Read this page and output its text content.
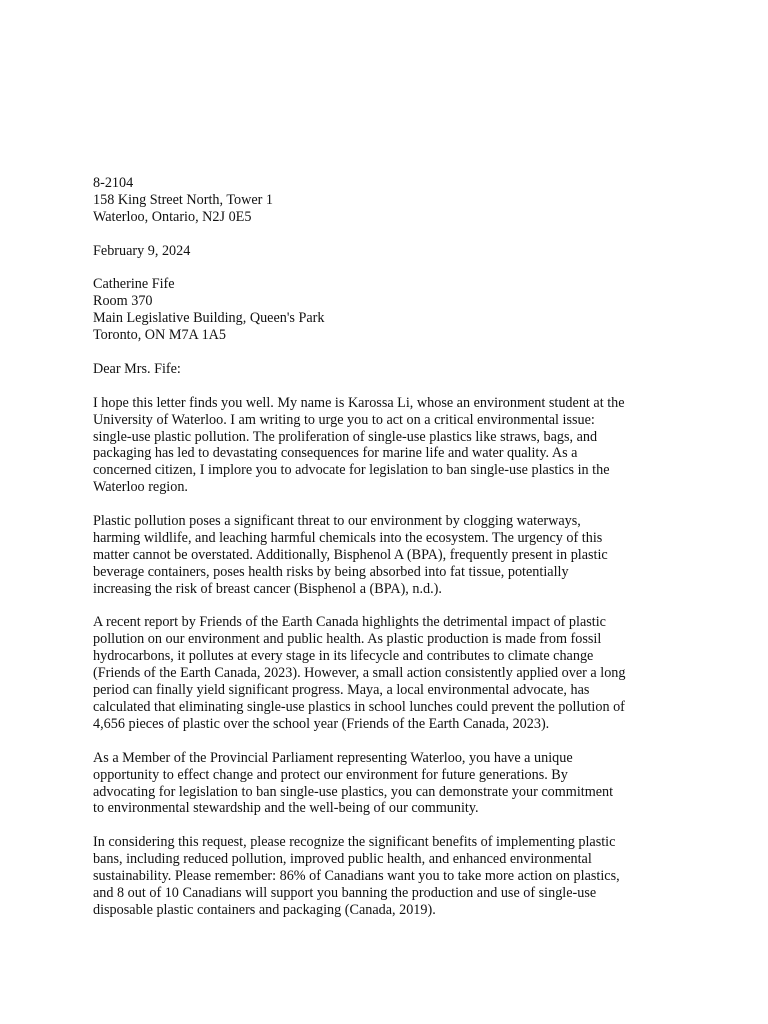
8-2104
158 King Street North, Tower 1
Waterloo, Ontario, N2J 0E5
February 9, 2024
Catherine Fife
Room 370
Main Legislative Building, Queen's Park
Toronto, ON M7A 1A5
Dear Mrs. Fife:
I hope this letter finds you well. My name is Karossa Li, whose an environment student at the
University of Waterloo. I am writing to urge you to act on a critical environmental issue:
single-use plastic pollution. The proliferation of single-use plastics like straws, bags, and
packaging has led to devastating consequences for marine life and water quality. As a
concerned citizen, I implore you to advocate for legislation to ban single-use plastics in the
Waterloo region.
Plastic pollution poses a significant threat to our environment by clogging waterways,
harming wildlife, and leaching harmful chemicals into the ecosystem. The urgency of this
matter cannot be overstated. Additionally, Bisphenol A (BPA), frequently present in plastic
beverage containers, poses health risks by being absorbed into fat tissue, potentially
increasing the risk of breast cancer (Bisphenol a (BPA), n.d.).
A recent report by Friends of the Earth Canada highlights the detrimental impact of plastic
pollution on our environment and public health. As plastic production is made from fossil
hydrocarbons, it pollutes at every stage in its lifecycle and contributes to climate change
(Friends of the Earth Canada, 2023). However, a small action consistently applied over a long
period can finally yield significant progress. Maya, a local environmental advocate, has
calculated that eliminating single-use plastics in school lunches could prevent the pollution of
4,656 pieces of plastic over the school year (Friends of the Earth Canada, 2023).
As a Member of the Provincial Parliament representing Waterloo, you have a unique
opportunity to effect change and protect our environment for future generations. By
advocating for legislation to ban single-use plastics, you can demonstrate your commitment
to environmental stewardship and the well-being of our community.
In considering this request, please recognize the significant benefits of implementing plastic
bans, including reduced pollution, improved public health, and enhanced environmental
sustainability. Please remember: 86% of Canadians want you to take more action on plastics,
and 8 out of 10 Canadians will support you banning the production and use of single-use
disposable plastic containers and packaging (Canada, 2019).
